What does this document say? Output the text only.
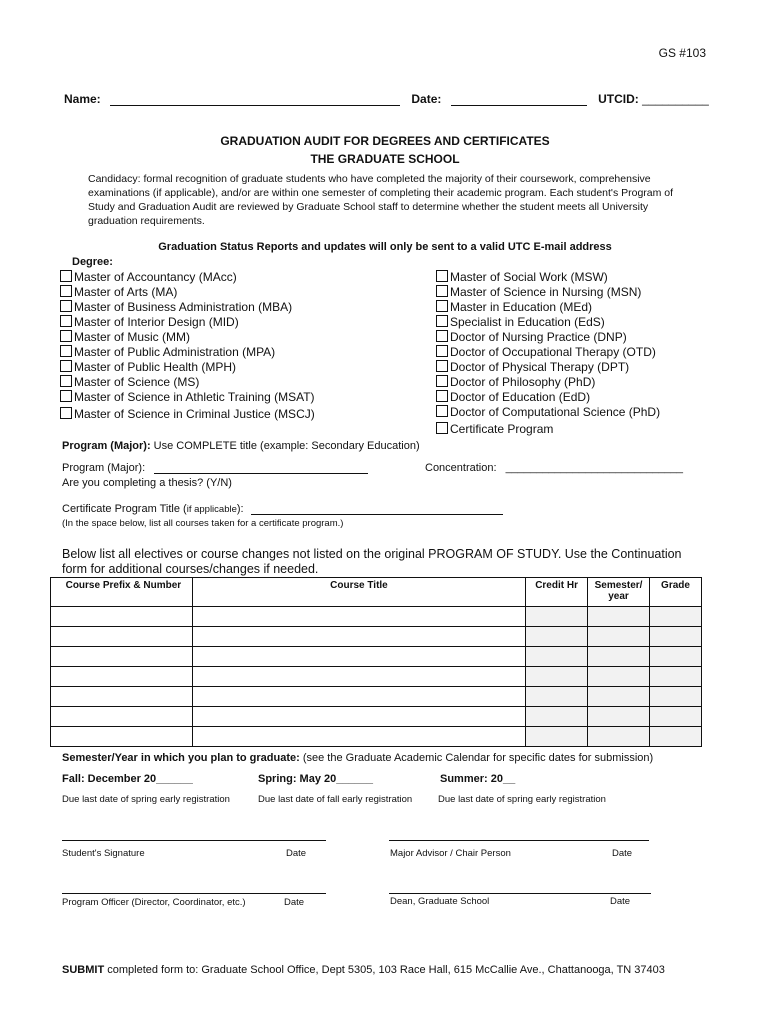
GS #103
Name:	Date:	UTCID: __________
GRADUATION AUDIT FOR DEGREES AND CERTIFICATES
THE GRADUATE SCHOOL
Candidacy: formal recognition of graduate students who have completed the majority of their coursework, comprehensive examinations (if applicable), and/or are within one semester of completing their academic program. Each student's Program of Study and Graduation Audit are reviewed by Graduate School staff to determine whether the student meets all University graduation requirements.
Graduation Status Reports and updates will only be sent to a valid UTC E-mail address
Degree:
Master of Accountancy (MAcc)
Master of Arts (MA)
Master of Business Administration (MBA)
Master of Interior Design (MID)
Master of Music (MM)
Master of Public Administration (MPA)
Master of Public Health (MPH)
Master of Science (MS)
Master of Science in Athletic Training (MSAT)
Master of Science in Criminal Justice (MSCJ)
Master of Social Work (MSW)
Master of Science in Nursing (MSN)
Master in Education (MEd)
Specialist in Education (EdS)
Doctor of Nursing Practice (DNP)
Doctor of Occupational Therapy (OTD)
Doctor of Physical Therapy (DPT)
Doctor of Philosophy (PhD)
Doctor of Education (EdD)
Doctor of Computational Science (PhD)
Certificate Program
Program (Major): Use COMPLETE title (example: Secondary Education)
Program (Major):	Concentration: _____________________________
Are you completing a thesis? (Y/N)
Certificate Program Title (if applicable):
(In the space below, list all courses taken for a certificate program.)
Below list all electives or course changes not listed on the original PROGRAM OF STUDY. Use the Continuation
form for additional courses/changes if needed.
Course Prefix & Number	Course Title	Credit Hr	Semester/ year	Grade

Semester/Year in which you plan to graduate: (see the Graduate Academic Calendar for specific dates for submission)
Fall: December 20______	Spring: May 20______	Summer: 20__
Due last date of spring early registration	Due last date of fall early registration	Due last date of spring early registration
Student's Signature	Date	Major Advisor / Chair Person	Date
Program Officer (Director, Coordinator, etc.)	Date	Dean, Graduate School	Date
SUBMIT completed form to: Graduate School Office, Dept 5305, 103 Race Hall, 615 McCallie Ave., Chattanooga, TN 37403
